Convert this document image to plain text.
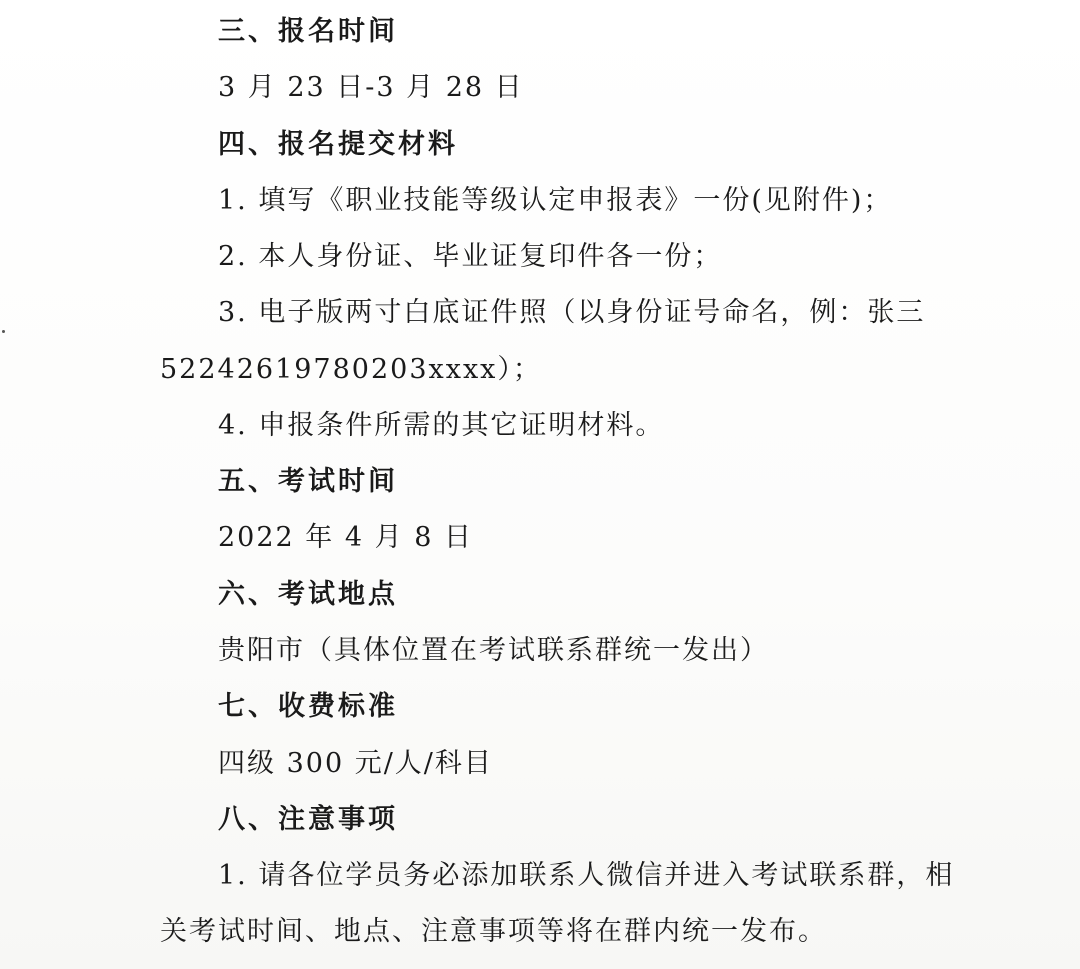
三、报名时间
3 月 23 日-3 月 28 日
四、报名提交材料
1. 填写《职业技能等级认定申报表》一份(见附件)；
2. 本人身份证、毕业证复印件各一份；
3. 电子版两寸白底证件照（以身份证号命名，例：张三
52242619780203xxxx）；
4. 申报条件所需的其它证明材料。
五、考试时间
2022 年 4 月 8 日
六、考试地点
贵阳市（具体位置在考试联系群统一发出）
七、收费标准
四级 300 元/人/科目
八、注意事项
1. 请各位学员务必添加联系人微信并进入考试联系群，相
关考试时间、地点、注意事项等将在群内统一发布。
